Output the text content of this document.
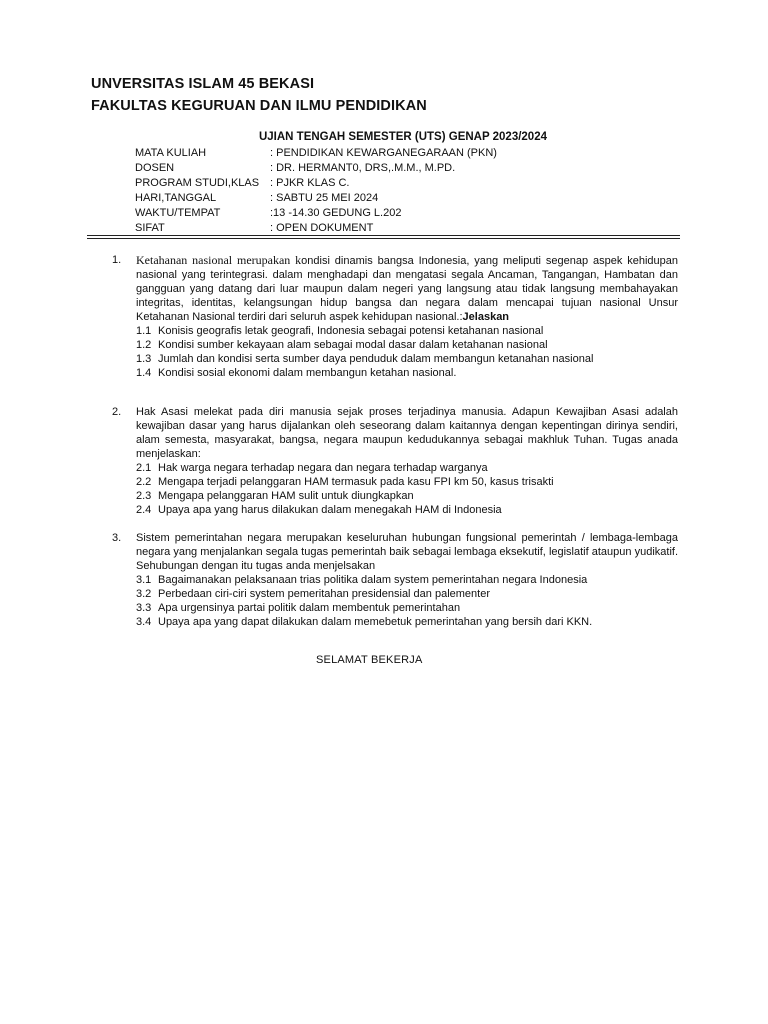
UNVERSITAS ISLAM 45 BEKASI
FAKULTAS KEGURUAN DAN ILMU PENDIDIKAN
UJIAN TENGAH SEMESTER (UTS) GENAP 2023/2024
MATA KULIAH	: PENDIDIKAN KEWARGANEGARAAN (PKN)
DOSEN	: DR. HERMANT0, DRS,.M.M., M.PD.
PROGRAM STUDI,KLAS : PJKR KLAS C.
HARI,TANGGAL	: SABTU 25 MEI 2024
WAKTU/TEMPAT	:13 -14.30 GEDUNG L.202
SIFAT	: OPEN DOKUMENT
1. Ketahanan nasional merupakan kondisi dinamis bangsa Indonesia, yang meliputi segenap aspek kehidupan nasional yang terintegrasi. dalam menghadapi dan mengatasi segala Ancaman, Tangangan, Hambatan dan gangguan yang datang dari luar maupun dalam negeri yang langsung atau tidak langsung membahayakan integritas, identitas, kelangsungan hidup bangsa dan negara dalam mencapai tujuan nasional Unsur Ketahanan Nasional terdiri dari seluruh aspek kehidupan nasional.:Jelaskan
1.1 Konisis geografis letak geografi, Indonesia sebagai potensi ketahanan nasional
1.2 Kondisi sumber kekayaan alam sebagai modal dasar dalam ketahanan nasional
1.3 Jumlah dan kondisi serta sumber daya penduduk dalam membangun ketanahan nasional
1.4 Kondisi sosial ekonomi dalam membangun ketahan nasional.
2. Hak Asasi melekat pada diri manusia sejak proses terjadinya manusia. Adapun Kewajiban Asasi adalah kewajiban dasar yang harus dijalankan oleh seseorang dalam kaitannya dengan kepentingan dirinya sendiri, alam semesta, masyarakat, bangsa, negara maupun kedudukannya sebagai makhluk Tuhan. Tugas anada menjelaskan:
2.1 Hak warga negara terhadap negara dan negara terhadap warganya
2.2 Mengapa terjadi pelanggaran HAM termasuk pada kasu FPI km 50, kasus trisakti
2.3 Mengapa pelanggaran HAM sulit untuk diungkapkan
2.4 Upaya apa yang harus dilakukan dalam menegakah HAM di Indonesia
3. Sistem pemerintahan negara merupakan keseluruhan hubungan fungsional pemerintah / lembaga-lembaga negara yang menjalankan segala tugas pemerintah baik sebagai lembaga eksekutif, legislatif ataupun yudikatif. Sehubungan dengan itu tugas anda menjelsakan
3.1 Bagaimanakan pelaksanaan trias politika dalam system pemerintahan negara Indonesia
3.2 Perbedaan ciri-ciri system pemeritahan presidensial dan palementer
3.3 Apa urgensinya partai politik dalam membentuk pemerintahan
3.4 Upaya apa yang dapat dilakukan dalam memebetuk pemerintahan yang bersih dari KKN.
SELAMAT BEKERJA
